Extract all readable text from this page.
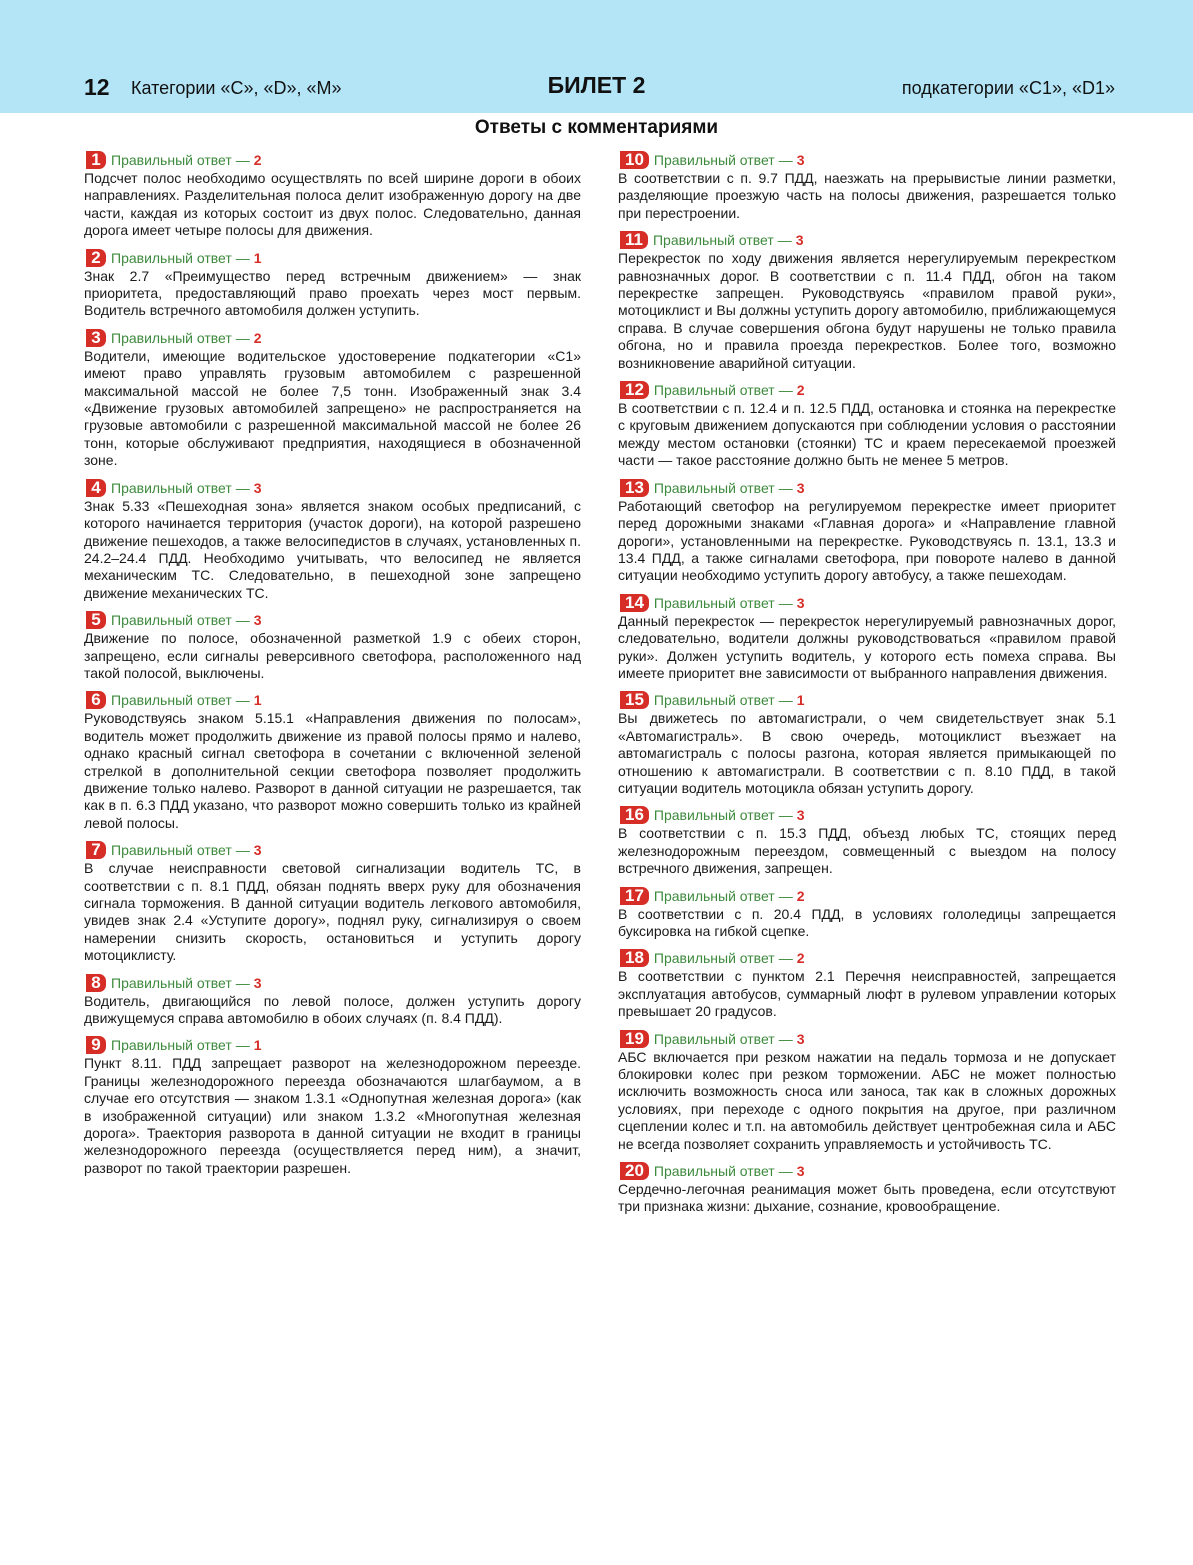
12 Категории «C», «D», «M»	БИЛЕТ 2	подкатегории «C1», «D1»
Ответы с комментариями
1 Правильный ответ — 2

Подсчет полос необходимо осуществлять по всей ширине дороги в обоих направлениях. Разделительная полоса делит изображенную дорогу на две части, каждая из которых состоит из двух полос. Следовательно, данная дорога имеет четыре полосы для движения.

2 Правильный ответ — 1

Знак 2.7 «Преимущество перед встречным движением» — знак приоритета, предоставляющий право проехать через мост первым. Водитель встречного автомобиля должен уступить.

3 Правильный ответ — 2

Водители, имеющие водительское удостоверение подкатегории «C1» имеют право управлять грузовым автомобилем с разрешенной максимальной массой не более 7,5 тонн. Изображенный знак 3.4 «Движение грузовых автомобилей запрещено» не распространяется на грузовые автомобили с разрешенной максимальной массой не более 26 тонн, которые обслуживают предприятия, находящиеся в обозначенной зоне.

4 Правильный ответ — 3

Знак 5.33 «Пешеходная зона» является знаком особых предписаний, с которого начинается территория (участок дороги), на которой разрешено движение пешеходов, а также велосипедистов в случаях, установленных п. 24.2–24.4 ПДД. Необходимо учитывать, что велосипед не является механическим ТС. Следовательно, в пешеходной зоне запрещено движение механических ТС.

5 Правильный ответ — 3

Движение по полосе, обозначенной разметкой 1.9 с обеих сторон, запрещено, если сигналы реверсивного светофора, расположенного над такой полосой, выключены.

6 Правильный ответ — 1

Руководствуясь знаком 5.15.1 «Направления движения по полосам», водитель может продолжить движение из правой полосы прямо и налево, однако красный сигнал светофора в сочетании с включенной зеленой стрелкой в дополнительной секции светофора позволяет продолжить движение только налево. Разворот в данной ситуации не разрешается, так как в п. 6.3 ПДД указано, что разворот можно совершить только из крайней левой полосы.

7 Правильный ответ — 3

В случае неисправности световой сигнализации водитель ТС, в соответствии с п. 8.1 ПДД, обязан поднять вверх руку для обозначения сигнала торможения. В данной ситуации водитель легкового автомобиля, увидев знак 2.4 «Уступите дорогу», поднял руку, сигнализируя о своем намерении снизить скорость, остановиться и уступить дорогу мотоциклисту.

8 Правильный ответ — 3

Водитель, двигающийся по левой полосе, должен уступить дорогу движущемуся справа автомобилю в обоих случаях (п. 8.4 ПДД).

9 Правильный ответ — 1

Пункт 8.11. ПДД запрещает разворот на железнодорожном переезде. Границы железнодорожного переезда обозначаются шлагбаумом, а в случае его отсутствия — знаком 1.3.1 «Однопутная железная дорога» (как в изображенной ситуации) или знаком 1.3.2 «Многопутная железная дорога». Траектория разворота в данной ситуации не входит в границы железнодорожного переезда (осуществляется перед ним), а значит, разворот по такой траектории разрешен.

10 Правильный ответ — 3

В соответствии с п. 9.7 ПДД, наезжать на прерывистые линии разметки, разделяющие проезжую часть на полосы движения, разрешается только при перестроении.

11 Правильный ответ — 3

Перекресток по ходу движения является нерегулируемым перекрестком равнозначных дорог. В соответствии с п. 11.4 ПДД, обгон на таком перекрестке запрещен. Руководствуясь «правилом правой руки», мотоциклист и Вы должны уступить дорогу автомобилю, приближающемуся справа. В случае совершения обгона будут нарушены не только правила обгона, но и правила проезда перекрестков. Более того, возможно возникновение аварийной ситуации.

12 Правильный ответ — 2

В соответствии с п. 12.4 и п. 12.5 ПДД, остановка и стоянка на перекрестке с круговым движением допускаются при соблюдении условия о расстоянии между местом остановки (стоянки) ТС и краем пересекаемой проезжей части — такое расстояние должно быть не менее 5 метров.

13 Правильный ответ — 3

Работающий светофор на регулируемом перекрестке имеет приоритет перед дорожными знаками «Главная дорога» и «Направление главной дороги», установленными на перекрестке. Руководствуясь п. 13.1, 13.3 и 13.4 ПДД, а также сигналами светофора, при повороте налево в данной ситуации необходимо уступить дорогу автобусу, а также пешеходам.

14 Правильный ответ — 3

Данный перекресток — перекресток нерегулируемый равнозначных дорог, следовательно, водители должны руководствоваться «правилом правой руки». Должен уступить водитель, у которого есть помеха справа. Вы имеете приоритет вне зависимости от выбранного направления движения.

15 Правильный ответ — 1

Вы движетесь по автомагистрали, о чем свидетельствует знак 5.1 «Автомагистраль». В свою очередь, мотоциклист въезжает на автомагистраль с полосы разгона, которая является примыкающей по отношению к автомагистрали. В соответствии с п. 8.10 ПДД, в такой ситуации водитель мотоцикла обязан уступить дорогу.

16 Правильный ответ — 3

В соответствии с п. 15.3 ПДД, объезд любых ТС, стоящих перед железнодорожным переездом, совмещенный с выездом на полосу встречного движения, запрещен.

17 Правильный ответ — 2

В соответствии с п. 20.4 ПДД, в условиях гололедицы запрещается буксировка на гибкой сцепке.

18 Правильный ответ — 2

В соответствии с пунктом 2.1 Перечня неисправностей, запрещается эксплуатация автобусов, суммарный люфт в рулевом управлении которых превышает 20 градусов.

19 Правильный ответ — 3

АБС включается при резком нажатии на педаль тормоза и не допускает блокировки колес при резком торможении. АБС не может полностью исключить возможность сноса или заноса, так как в сложных дорожных условиях, при переходе с одного покрытия на другое, при различном сцеплении колес и т.п. на автомобиль действует центробежная сила и АБС не всегда позволяет сохранить управляемость и устойчивость ТС.

20 Правильный ответ — 3

Сердечно-легочная реанимация может быть проведена, если отсутствуют три признака жизни: дыхание, сознание, кровообращение.
